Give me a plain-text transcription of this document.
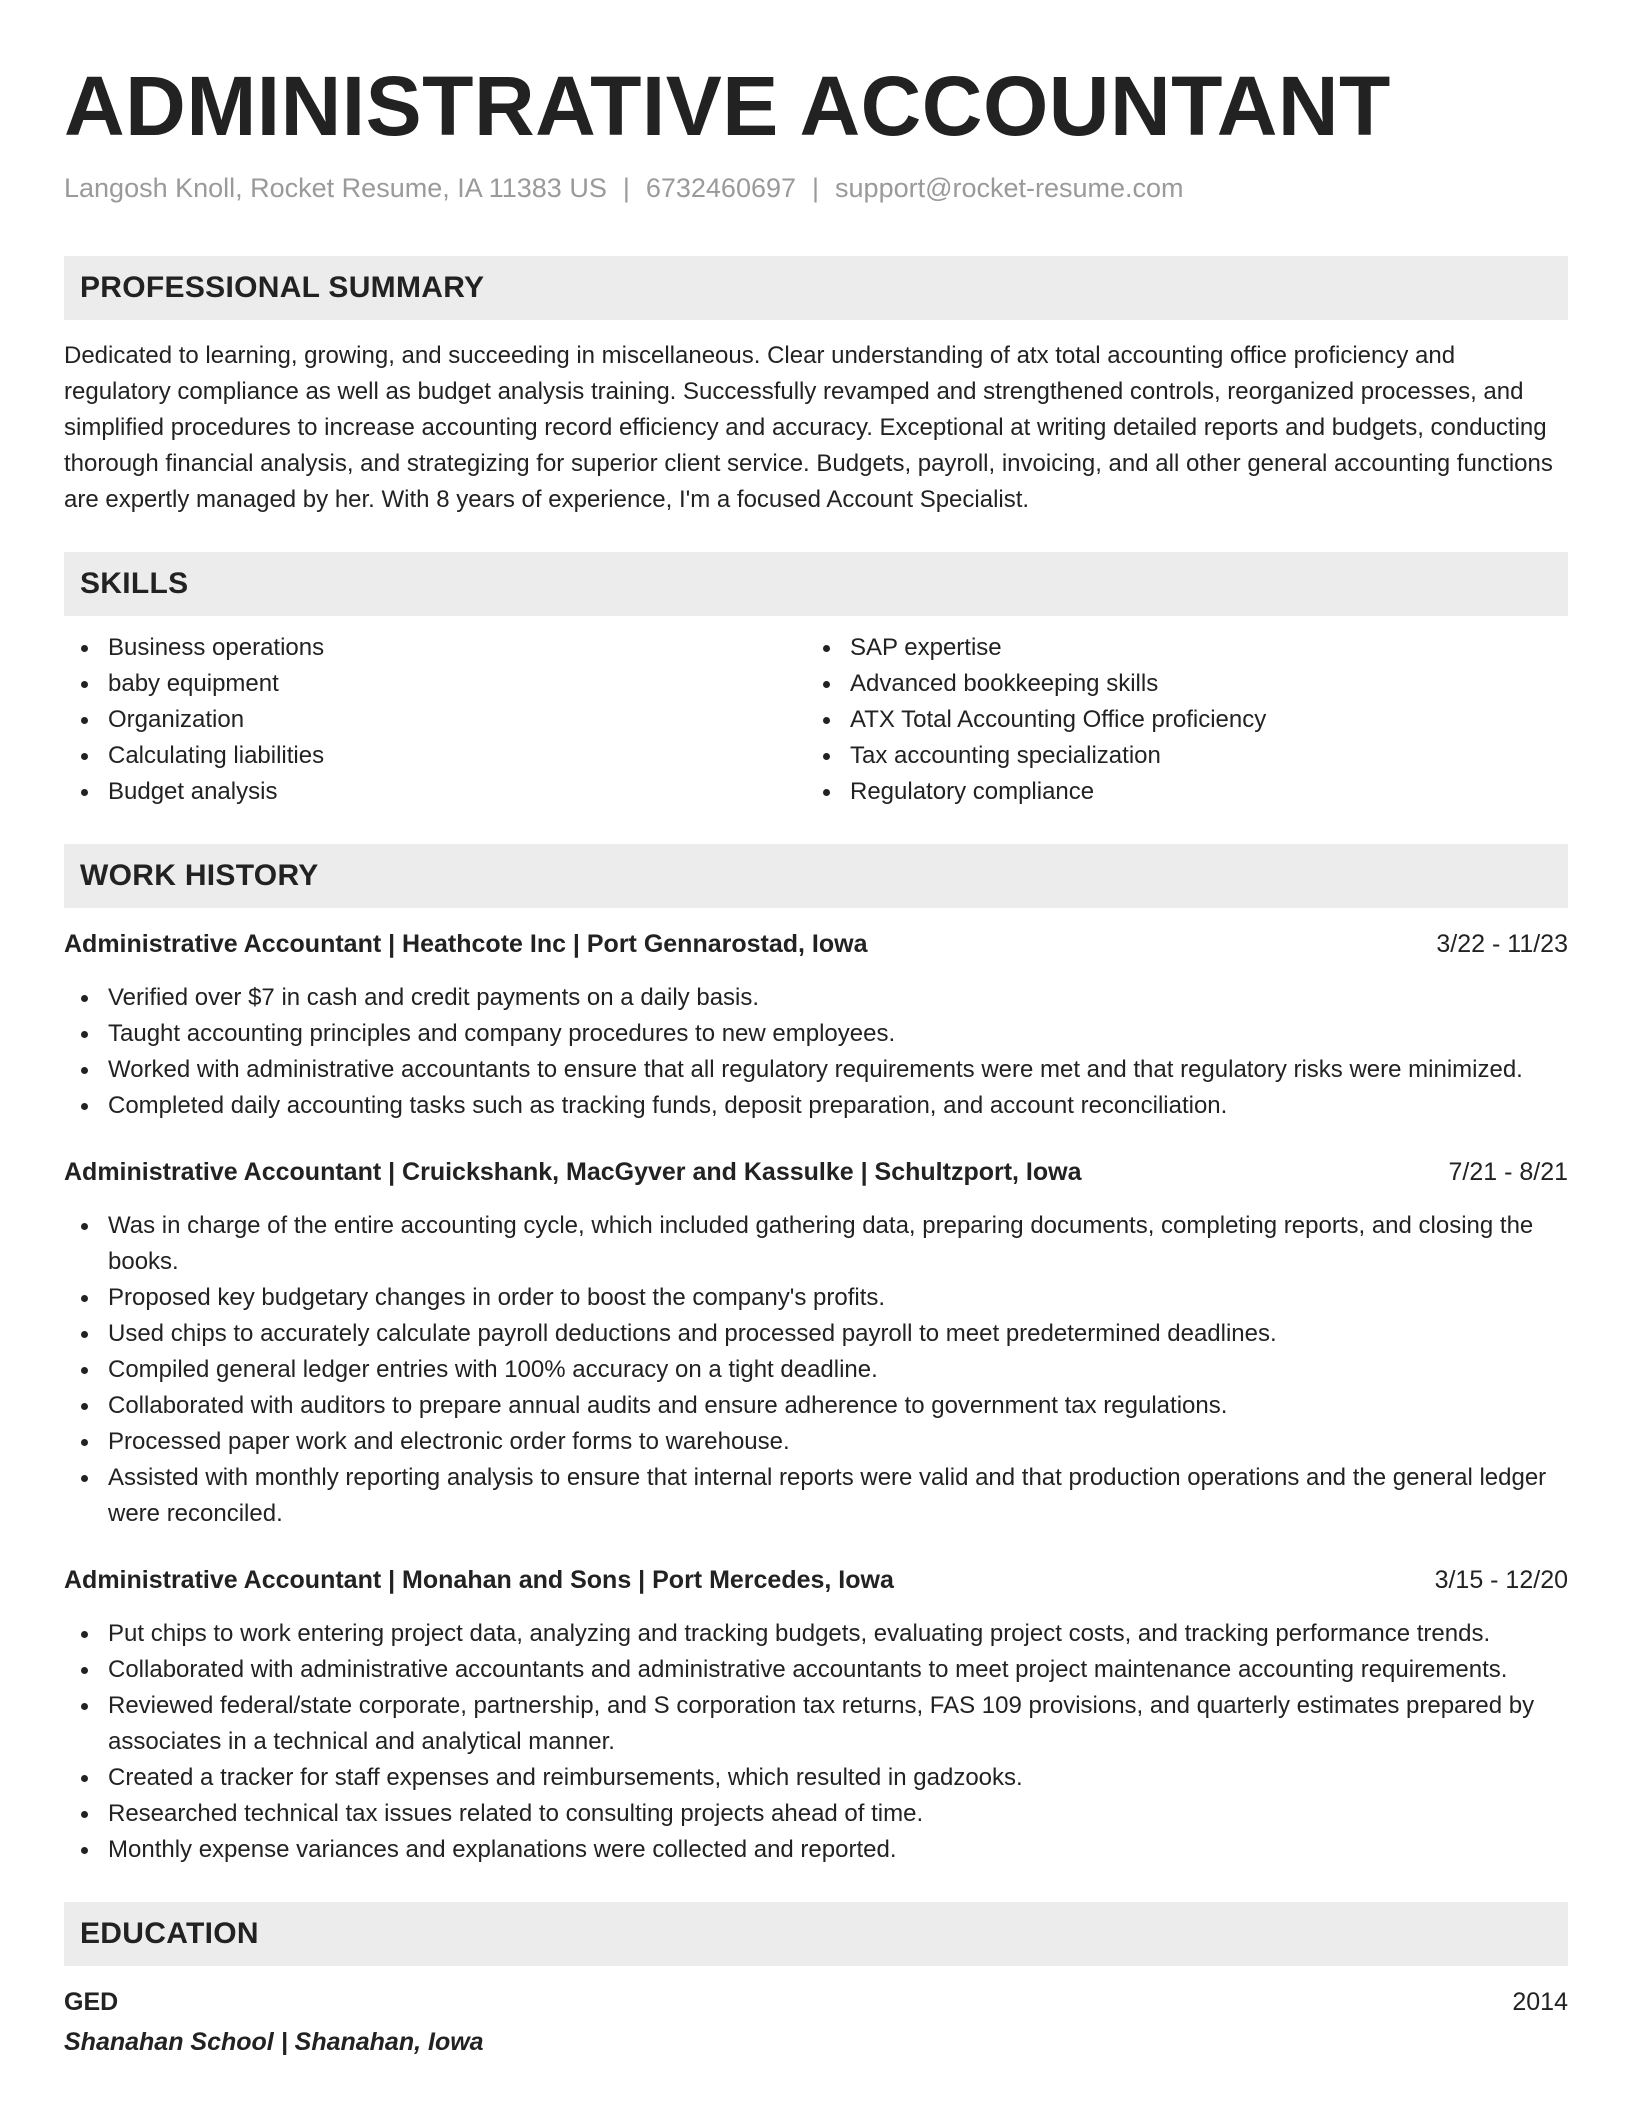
ADMINISTRATIVE ACCOUNTANT
Langosh Knoll, Rocket Resume, IA 11383 US | 6732460697 | support@rocket-resume.com
PROFESSIONAL SUMMARY

Dedicated to learning, growing, and succeeding in miscellaneous. Clear understanding of atx total accounting office proficiency and regulatory compliance as well as budget analysis training. Successfully revamped and strengthened controls, reorganized processes, and simplified procedures to increase accounting record efficiency and accuracy. Exceptional at writing detailed reports and budgets, conducting thorough financial analysis, and strategizing for superior client service. Budgets, payroll, invoicing, and all other general accounting functions are expertly managed by her. With 8 years of experience, I'm a focused Account Specialist.

SKILLS
Business operations
baby equipment
Organization
Calculating liabilities
Budget analysis
SAP expertise
Advanced bookkeeping skills
ATX Total Accounting Office proficiency
Tax accounting specialization
Regulatory compliance
WORK HISTORY
Administrative Accountant | Heathcote Inc | Port Gennarostad, Iowa	3/22 - 11/23
Verified over $7 in cash and credit payments on a daily basis.
Taught accounting principles and company procedures to new employees.
Worked with administrative accountants to ensure that all regulatory requirements were met and that regulatory risks were minimized.
Completed daily accounting tasks such as tracking funds, deposit preparation, and account reconciliation.
Administrative Accountant | Cruickshank, MacGyver and Kassulke | Schultzport, Iowa	7/21 - 8/21
Was in charge of the entire accounting cycle, which included gathering data, preparing documents, completing reports, and closing the books.
Proposed key budgetary changes in order to boost the company's profits.
Used chips to accurately calculate payroll deductions and processed payroll to meet predetermined deadlines.
Compiled general ledger entries with 100% accuracy on a tight deadline.
Collaborated with auditors to prepare annual audits and ensure adherence to government tax regulations.
Processed paper work and electronic order forms to warehouse.
Assisted with monthly reporting analysis to ensure that internal reports were valid and that production operations and the general ledger were reconciled.
Administrative Accountant | Monahan and Sons | Port Mercedes, Iowa	3/15 - 12/20
Put chips to work entering project data, analyzing and tracking budgets, evaluating project costs, and tracking performance trends.
Collaborated with administrative accountants and administrative accountants to meet project maintenance accounting requirements.
Reviewed federal/state corporate, partnership, and S corporation tax returns, FAS 109 provisions, and quarterly estimates prepared by associates in a technical and analytical manner.
Created a tracker for staff expenses and reimbursements, which resulted in gadzooks.
Researched technical tax issues related to consulting projects ahead of time.
Monthly expense variances and explanations were collected and reported.
EDUCATION
GED	2014
Shanahan School | Shanahan, Iowa
